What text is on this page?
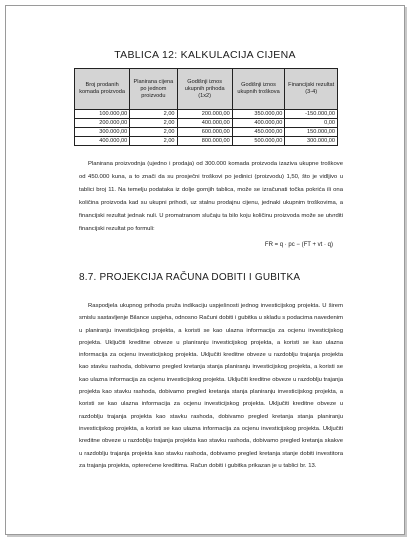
TABLICA 12: KALKULACIJA CIJENA
Broj prodanih komada proizvoda	Planirana cijena po jednom proizvodu	Godišnji iznos ukupnih prihoda (1x2)	Godišnji iznos ukupnih troškova	Financijski rezultat (3-4)
100.000,00	2,00	200.000,00	350.000,00	-150.000,00
200.000,00	2,00	400.000,00	400.000,00	0,00
300.000,00	2,00	600.000,00	450.000,00	150.000,00
400.000,00	2,00	800.000,00	500.000,00	300.000,00
Planirana proizvodnja (ujedno i prodaja) od 300.000 komada proizvoda izaziva ukupne troškove od 450.000 kuna, a to znači da su prosječni troškovi po jedinici (proizvodu) 1,50, što je vidljivo u tablici broj 11. Na temelju podataka iz dolje gornjih tablica, može se izračunati točka pokrića ili ona količina proizvoda kad su ukupni prihodi, uz stalnu prodajnu cijenu, jednaki ukupnim troškovima, a financijski rezultat jednak nuli. U promatranom slučaju ta bilo koju količinu proizvoda može se utvrditi financijski rezultat po formuli:
FR = q · pc − (FT + vt · q)
8.7. PROJEKCIJA RAČUNA DOBITI I GUBITKA
Raspodjela ukupnog prihoda pruža indikaciju uspješnosti jednog investicijskog projekta. U širem smislu sastavljenje Bilance uspjeha, odnosno Računi dobiti i gubitka u sklađu s podacima navedenim u planiranju investicijskog projekta, a koristi se kao ulazna informacija za ocjenu investicijskog projekta. Uključiti kreditne obveze u planiranju investicijskog projekta, a koristi se kao ulazna informacija za ocjenu investicijskog projekta. Uključiti kreditne obveze u razdoblju trajanja projekta kao stavku rashoda, dobivamo pregled kretanja stanja planiranju investicijskog projekta, a koristi se kao ulazna informacija za ocjenu investicijskog projekta. Uključiti kreditne obveze u razdoblju trajanja projekta kao stavku rashoda, dobivamo pregled kretanja stanja planiranju investicijskog projekta, a koristi se kao ulazna informacija za ocjenu investicijskog projekta. Uključiti kreditne obveze u razdoblju trajanja projekta kao stavku rashoda, dobivamo pregled kretanja stanja planiranju investicijskog projekta, a koristi se kao ulazna informacija za ocjenu investicijskog projekta. Uključiti kreditne obveze u razdoblju trajanja projekta kao stavku rashoda, dobivamo pregled kretanja skakve u razdoblju trajanja projekta kao stavku rashoda, dobivamo pregled kretanja stanje dobiti investitora za trajanja projekta, opterećene kreditima. Račun dobiti i gubitka prikazan je u tablici br. 13.
